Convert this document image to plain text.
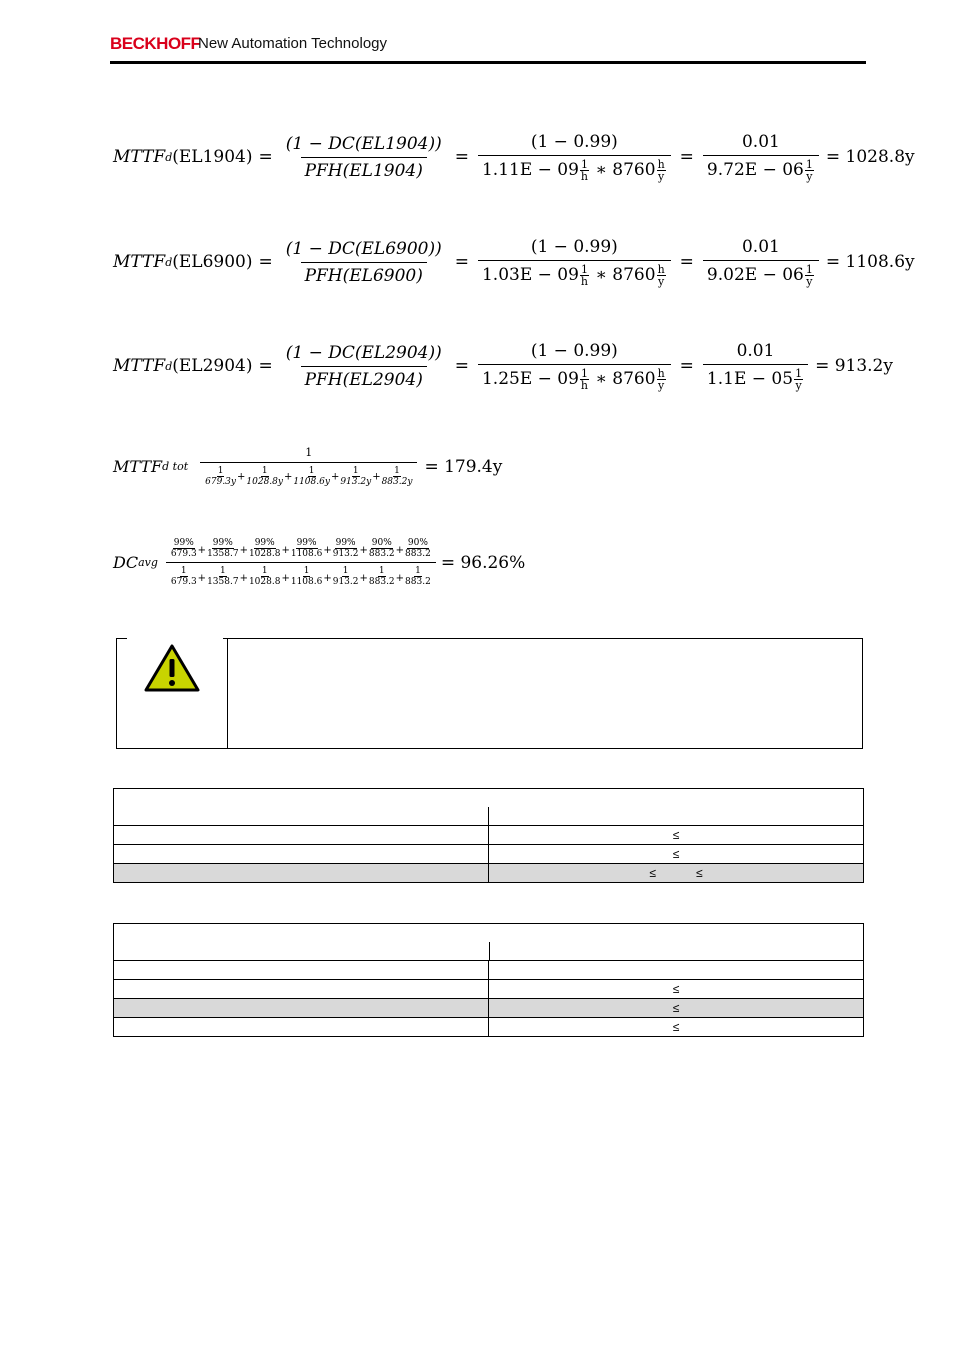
BECKHOFF
New Automation Technology
MTTF d $(EL1904) = \frac{(1 - DC(EL1904))}{\text{PFH(EL1904)}} = \frac{(1 - 0.99)}{1.11E - 09 \frac{1}{h} ∗ 8760 \frac{h}{y}} = \frac{0.01}{9.72E - 06 \frac{1}{y}} = 1028.8y$
MTTF d $(EL6900) = \frac{(1 - DC(EL6900))}{\text{PFH(EL6900)}} = \frac{(1 - 0.99)}{1.03E - 09 \frac{1}{h} ∗ 8760 \frac{h}{y}} = \frac{0.01}{9.02E - 06 \frac{1}{y}} = 1108.6y$
MTTF d $(EL2904) = \frac{(1 - DC(EL2904))}{\text{PFH(EL2904)}} = \frac{(1 - 0.99)}{1.25E - 09 \frac{1}{h} ∗ 8760 \frac{h}{y}} = \frac{0.01}{1.1E - 05 \frac{1}{y}} = 913.2y$
MTTF d tot $\frac{1}{\frac{1}{679.3y} + \frac{1}{1028.8y} + \frac{1}{1108.6y} + \frac{1}{913.2y} + \frac{1}{883.2y}} = 179.4y$
DC avg
$\frac{99\%}{679.3} + \frac{99\%}{1358.7} + \frac{99\%}{1028.8} + \frac{99\%}{1108.6} + \frac{99\%}{913.2} + \frac{90\%}{883.2} + \frac{90\%}{883.2}$
$\frac{1}{679.3} + \frac{1}{1358.7} + \frac{1}{1028.8} + \frac{1}{1108.6} + \frac{1}{913.2} + \frac{1}{883.2} + \frac{1}{883.2}$
= 96.26%

	≤
	≤
	≤            ≤

	≤
	≤
	≤
